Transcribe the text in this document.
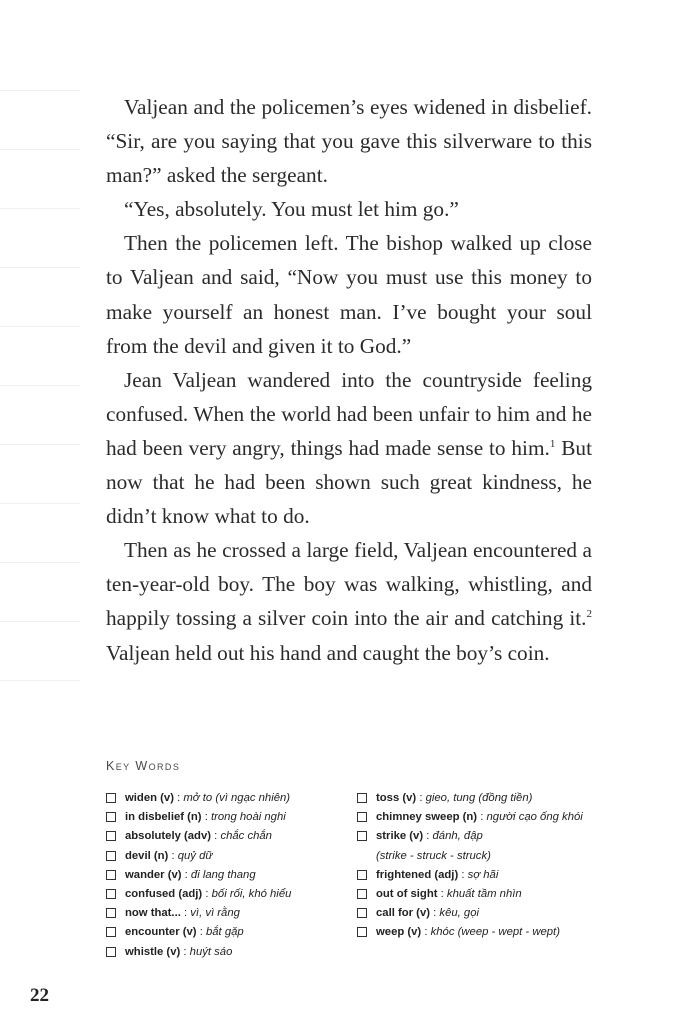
Valjean and the policemen’s eyes widened in disbelief. “Sir, are you saying that you gave this silverware to this man?” asked the sergeant.

“Yes, absolutely. You must let him go.”

Then the policemen left. The bishop walked up close to Valjean and said, “Now you must use this money to make yourself an honest man. I’ve bought your soul from the devil and given it to God.”

Jean Valjean wandered into the countryside feeling confused. When the world had been unfair to him and he had been very angry, things had made sense to him.$^1$ But now that he had been shown such great kindness, he didn’t know what to do.

Then as he crossed a large field, Valjean encountered a ten-year-old boy. The boy was walking, whistling, and happily tossing a silver coin into the air and catching it.$^2$ Valjean held out his hand and caught the boy’s coin.

Key Words
widen (v) : mở to (vì ngạc nhiên)
in disbelief (n) : trong hoài nghi
absolutely (adv) : chắc chắn
devil (n) : quỷ dữ
wander (v) : đi lang thang
confused (adj) : bối rối, khó hiểu
now that... : vì, vì rằng
encounter (v) : bắt gặp
whistle (v) : huýt sáo
toss (v) : gieo, tung (đồng tiền)
chimney sweep (n) : người cạo ống khói
strike (v) : đánh, đập
(strike - struck - struck)
frightened (adj) : sợ hãi
out of sight : khuất tầm nhìn
call for (v) : kêu, gọi
weep (v) : khóc (weep - wept - wept)
22
